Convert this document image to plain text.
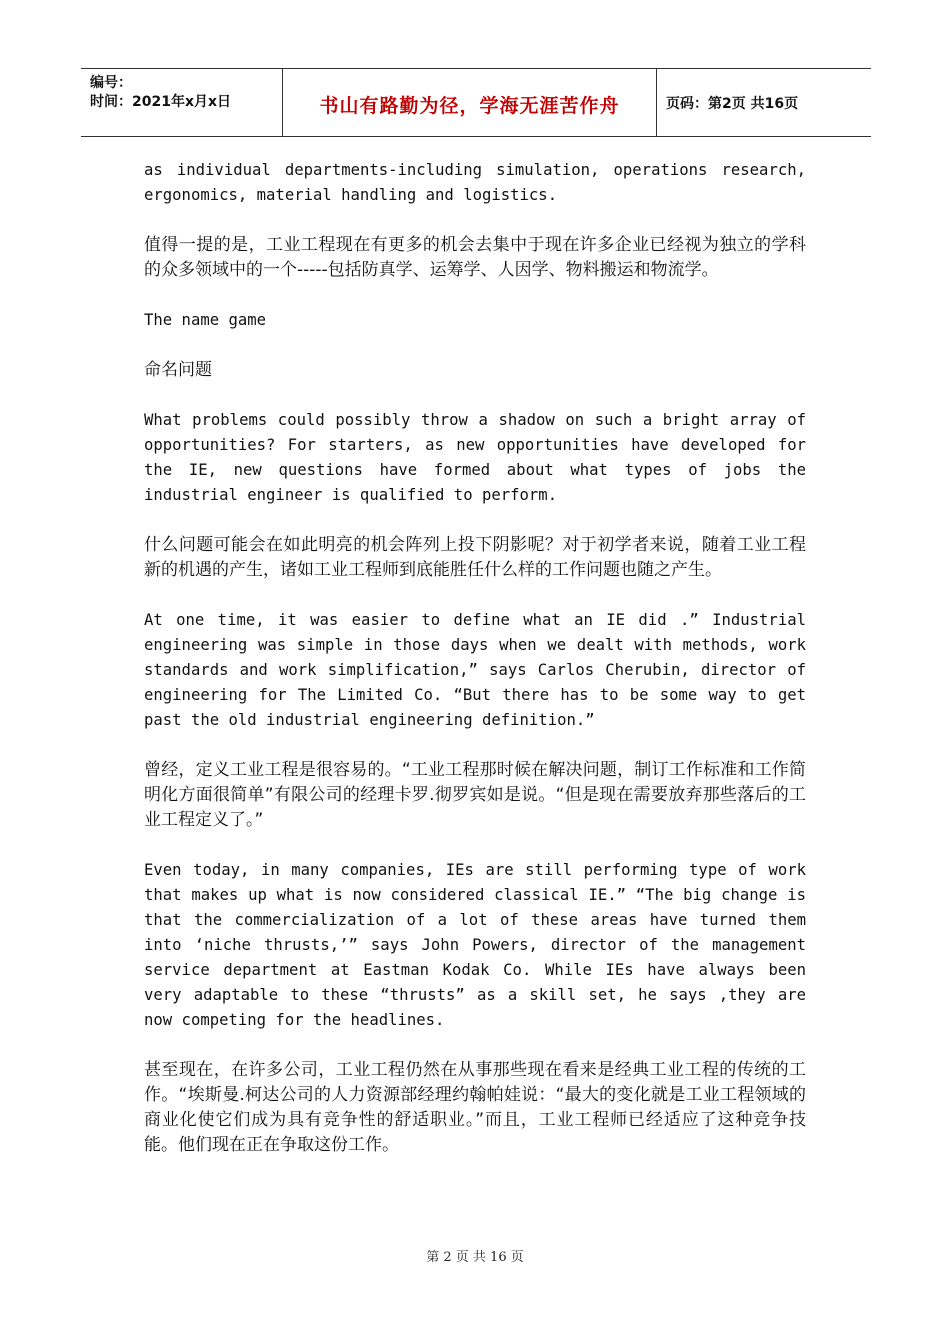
编号：
时间：2021年x月x日	书山有路勤为径，学海无涯苦作舟	页码：第2页 共16页

as individual departments-including simulation, operations research, ergonomics, material handling and logistics.

值得一提的是，工业工程现在有更多的机会去集中于现在许多企业已经视为独立的学科的众多领域中的一个-----包括防真学、运筹学、人因学、物料搬运和物流学。

The name game

命名问题

What problems could possibly throw a shadow on such a bright array of opportunities? For starters, as new opportunities have developed for the IE, new questions have formed about what types of jobs the industrial engineer is qualified to perform.

什么问题可能会在如此明亮的机会阵列上投下阴影呢？对于初学者来说，随着工业工程新的机遇的产生，诸如工业工程师到底能胜任什么样的工作问题也随之产生。

At one time, it was easier to define what an IE did .” Industrial engineering was simple in those days when we dealt with methods, work standards and work simplification,” says Carlos Cherubin, director of engineering for The Limited Co. “But there has to be some way to get past the old industrial engineering definition.”

曾经，定义工业工程是很容易的。“工业工程那时候在解决问题，制订工作标准和工作简明化方面很简单”有限公司的经理卡罗.彻罗宾如是说。“但是现在需要放弃那些落后的工业工程定义了。”

Even today, in many companies, IEs are still performing type of work that makes up what is now considered classical IE.” “The big change is that the commercialization of a lot of these areas have turned them into ‘niche thrusts,’” says John Powers, director of the management service department at Eastman Kodak Co. While IEs have always been very adaptable to these “thrusts” as a skill set, he says ,they are now competing for the headlines.

甚至现在，在许多公司，工业工程仍然在从事那些现在看来是经典工业工程的传统的工作。“埃斯曼.柯达公司的人力资源部经理约翰帕娃说：“最大的变化就是工业工程领域的商业化使它们成为具有竞争性的舒适职业。”而且，工业工程师已经适应了这种竞争技能。他们现在正在争取这份工作。

第 2 页 共 16 页
